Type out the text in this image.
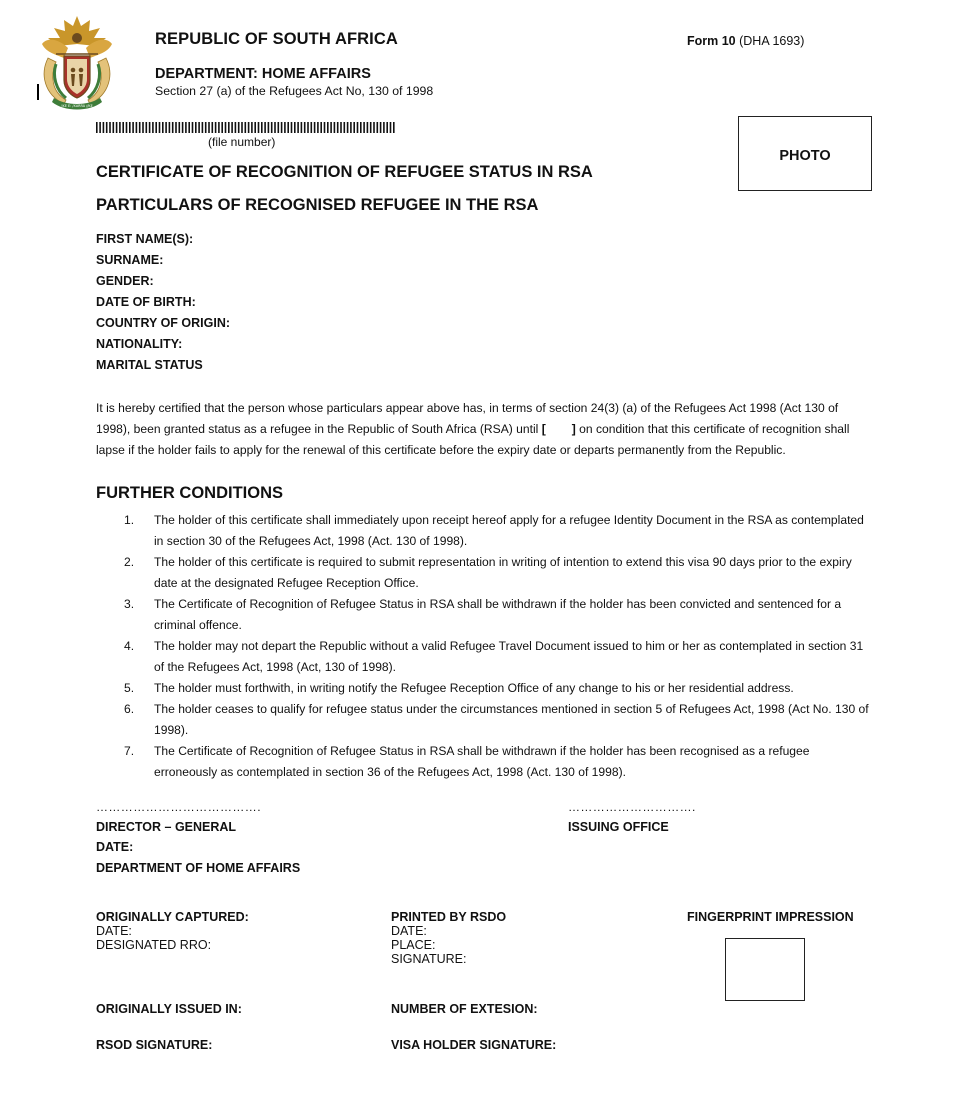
!KE E: /XARRA //KE
REPUBLIC OF SOUTH AFRICA	Form 10 (DHA 1693)
DEPARTMENT: HOME AFFAIRS
Section 27 (a) of the Refugees Act No, 130 of 1998
(file number)
PHOTO
CERTIFICATE OF RECOGNITION OF REFUGEE STATUS IN RSA
PARTICULARS OF RECOGNISED REFUGEE IN THE RSA
FIRST NAME(S):
SURNAME:
GENDER:
DATE OF BIRTH:
COUNTRY OF ORIGIN:
NATIONALITY:
MARITAL STATUS
It is hereby certified that the person whose particulars appear above has, in terms of section 24(3) (a) of the Refugees Act 1998 (Act 130 of 1998), been granted status as a refugee in the Republic of South Africa (RSA) until [ ] on condition that this certificate of recognition shall lapse if the holder fails to apply for the renewal of this certificate before the expiry date or departs permanently from the Republic.
FURTHER CONDITIONS
1. The holder of this certificate shall immediately upon receipt hereof apply for a refugee Identity Document in the RSA as contemplated in section 30 of the Refugees Act, 1998 (Act. 130 of 1998).
2. The holder of this certificate is required to submit representation in writing of intention to extend this visa 90 days prior to the expiry date at the designated Refugee Reception Office.
3. The Certificate of Recognition of Refugee Status in RSA shall be withdrawn if the holder has been convicted and sentenced for a criminal offence.
4. The holder may not depart the Republic without a valid Refugee Travel Document issued to him or her as contemplated in section 31 of the Refugees Act, 1998 (Act, 130 of 1998).
5. The holder must forthwith, in writing notify the Refugee Reception Office of any change to his or her residential address.
6. The holder ceases to qualify for refugee status under the circumstances mentioned in section 5 of Refugees Act, 1998 (Act No. 130 of 1998).
7. The Certificate of Recognition of Refugee Status in RSA shall be withdrawn if the holder has been recognised as a refugee erroneously as contemplated in section 36 of the Refugees Act, 1998 (Act. 130 of 1998).
………………………………….	………………………….
DIRECTOR – GENERAL	ISSUING OFFICE
DATE:
DEPARTMENT OF HOME AFFAIRS
ORIGINALLY CAPTURED:
DATE:
DESIGNATED RRO:
PRINTED BY RSDO
DATE:
PLACE:
SIGNATURE:
FINGERPRINT IMPRESSION
ORIGINALLY ISSUED IN:	NUMBER OF EXTESION:
RSOD SIGNATURE:	VISA HOLDER SIGNATURE:
